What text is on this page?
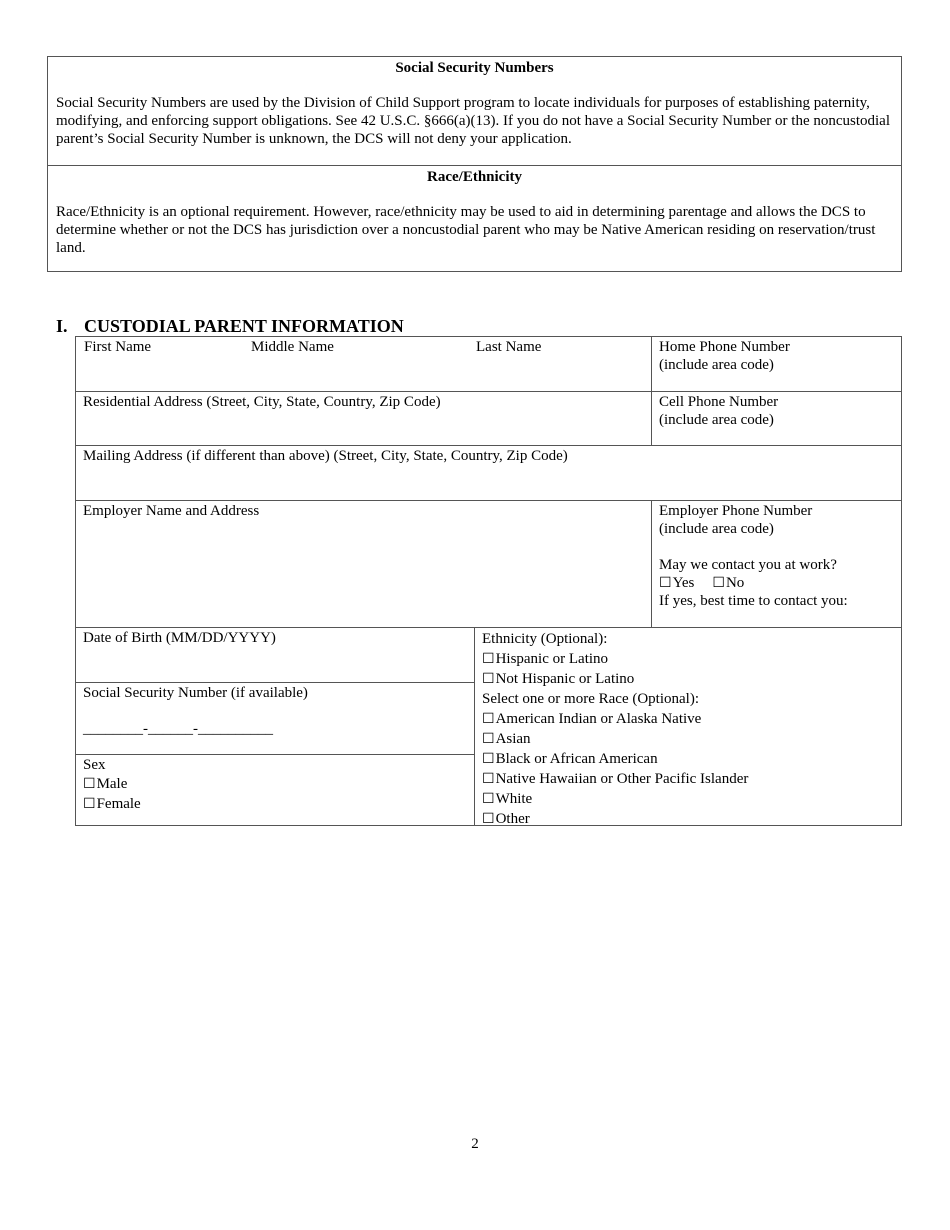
Social Security Numbers

Social Security Numbers are used by the Division of Child Support program to locate individuals for purposes of establishing paternity, modifying, and enforcing support obligations. See 42 U.S.C. §666(a)(13). If you do not have a Social Security Number or the noncustodial parent’s Social Security Number is unknown, the DCS will not deny your application.

Race/Ethnicity

Race/Ethnicity is an optional requirement. However, race/ethnicity may be used to aid in determining parentage and allows the DCS to determine whether or not the DCS has jurisdiction over a noncustodial parent who may be Native American residing on reservation/trust land.

I. CUSTODIAL PARENT INFORMATION
First Name	Middle Name	Last Name	Home Phone Number
(include area code)
Residential Address (Street, City, State, Country, Zip Code)	Cell Phone Number
(include area code)
Mailing Address (if different than above) (Street, City, State, Country, Zip Code)
Employer Name and Address	Employer Phone Number
(include area code)
May we contact you at work?
☐Yes ☐No
If yes, best time to contact you:
Date of Birth (MM/DD/YYYY)
Social Security Number (if available)
________-______-__________
Sex
☐Male
☐Female
Ethnicity (Optional):
☐Hispanic or Latino
☐Not Hispanic or Latino
Select one or more Race (Optional):
☐American Indian or Alaska Native
☐Asian
☐Black or African American
☐Native Hawaiian or Other Pacific Islander
☐White
☐Other
2
